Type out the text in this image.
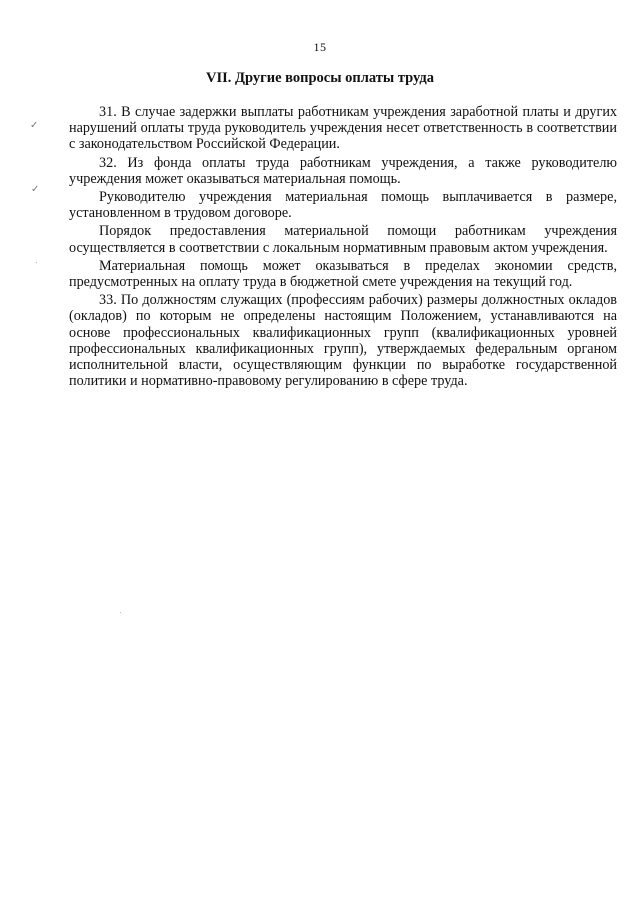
15
VII. Другие вопросы оплаты труда

31. В случае задержки выплаты работникам учреждения заработной платы и других нарушений оплаты труда руководитель учреждения несет ответственность в соответствии с законодательством Российской Федерации.

32. Из фонда оплаты труда работникам учреждения, а также руководителю учреждения может оказываться материальная помощь.

Руководителю учреждения материальная помощь выплачивается в размере, установленном в трудовом договоре.

Порядок предоставления материальной помощи работникам учреждения осуществляется в соответствии с локальным нормативным правовым актом учреждения.

Материальная помощь может оказываться в пределах экономии средств, предусмотренных на оплату труда в бюджетной смете учреждения на текущий год.

33. По должностям служащих (профессиям рабочих) размеры должностных окладов (окладов) по которым не определены настоящим Положением, устанавливаются на основе профессиональных квалификационных групп (квалификационных уровней профессиональных квалификационных групп), утверждаемых федеральным органом исполнительной власти, осуществляющим функции по выработке государственной политики и нормативно-правовому регулированию в сфере труда.

✓
✓
